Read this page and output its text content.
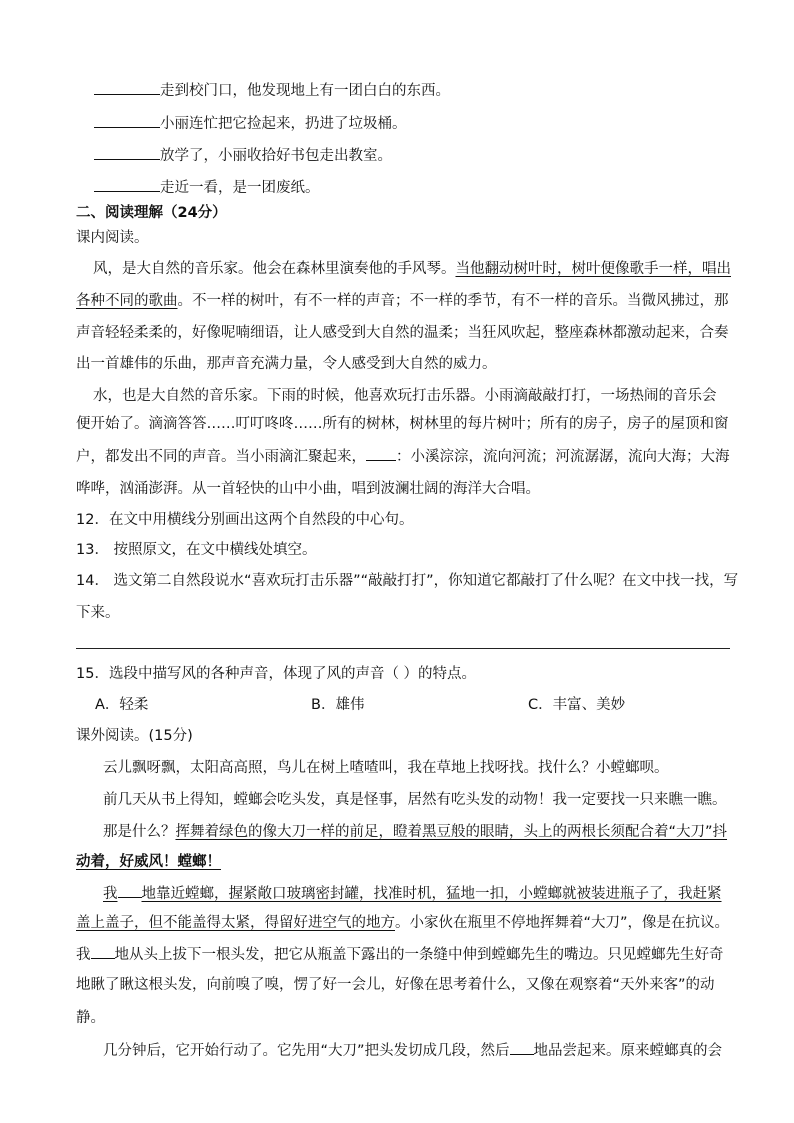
走到校门口，他发现地上有一团白白的东西。
小丽连忙把它捡起来，扔进了垃圾桶。
放学了，小丽收拾好书包走出教室。
走近一看，是一团废纸。
二、阅读理解（24分）
课内阅读。
风，是大自然的音乐家。他会在森林里演奏他的手风琴。当他翻动树叶时，树叶便像歌手一样，唱出
各种不同的歌曲。不一样的树叶，有不一样的声音；不一样的季节，有不一样的音乐。当微风拂过，那
声音轻轻柔柔的，好像呢喃细语，让人感受到大自然的温柔；当狂风吹起，整座森林都激动起来，合奏
出一首雄伟的乐曲，那声音充满力量，令人感受到大自然的威力。
水，也是大自然的音乐家。下雨的时候，他喜欢玩打击乐器。小雨滴敲敲打打，一场热闹的音乐会
便开始了。滴滴答答……叮叮咚咚……所有的树林，树林里的每片树叶；所有的房子，房子的屋顶和窗
户，都发出不同的声音。当小雨滴汇聚起来， ：小溪淙淙，流向河流；河流潺潺，流向大海；大海
哗哗，汹涌澎湃。从一首轻快的山中小曲，唱到波澜壮阔的海洋大合唱。
12．在文中用横线分别画出这两个自然段的中心句。
13． 按照原文，在文中横线处填空。
14． 选文第二自然段说水“喜欢玩打击乐器”“敲敲打打”，你知道它都敲打了什么呢？在文中找一找，写
下来。
15．选段中描写风的各种声音，体现了风的声音（ ）的特点。
A．轻柔	B．雄伟	C．丰富、美妙
课外阅读。(15分)
云儿飘呀飘，太阳高高照，鸟儿在树上喳喳叫，我在草地上找呀找。找什么？小螳螂呗。
前几天从书上得知，螳螂会吃头发，真是怪事，居然有吃头发的动物！我一定要找一只来瞧一瞧。
那是什么？挥舞着绿色的像大刀一样的前足，瞪着黑豆般的眼睛，头上的两根长须配合着“大刀”抖
动着，好威风！螳螂！
我 地靠近螳螂，握紧敞口玻璃密封罐，找准时机，猛地一扣，小螳螂就被装进瓶子了，我赶紧
盖上盖子，但不能盖得太紧，得留好进空气的地方。小家伙在瓶里不停地挥舞着“大刀”，像是在抗议。
我 地从头上拔下一根头发，把它从瓶盖下露出的一条缝中伸到螳螂先生的嘴边。只见螳螂先生好奇
地瞅了瞅这根头发，向前嗅了嗅，愣了好一会儿，好像在思考着什么，又像在观察着“天外来客”的动
静。
几分钟后，它开始行动了。它先用“大刀”把头发切成几段，然后 地品尝起来。原来螳螂真的会
